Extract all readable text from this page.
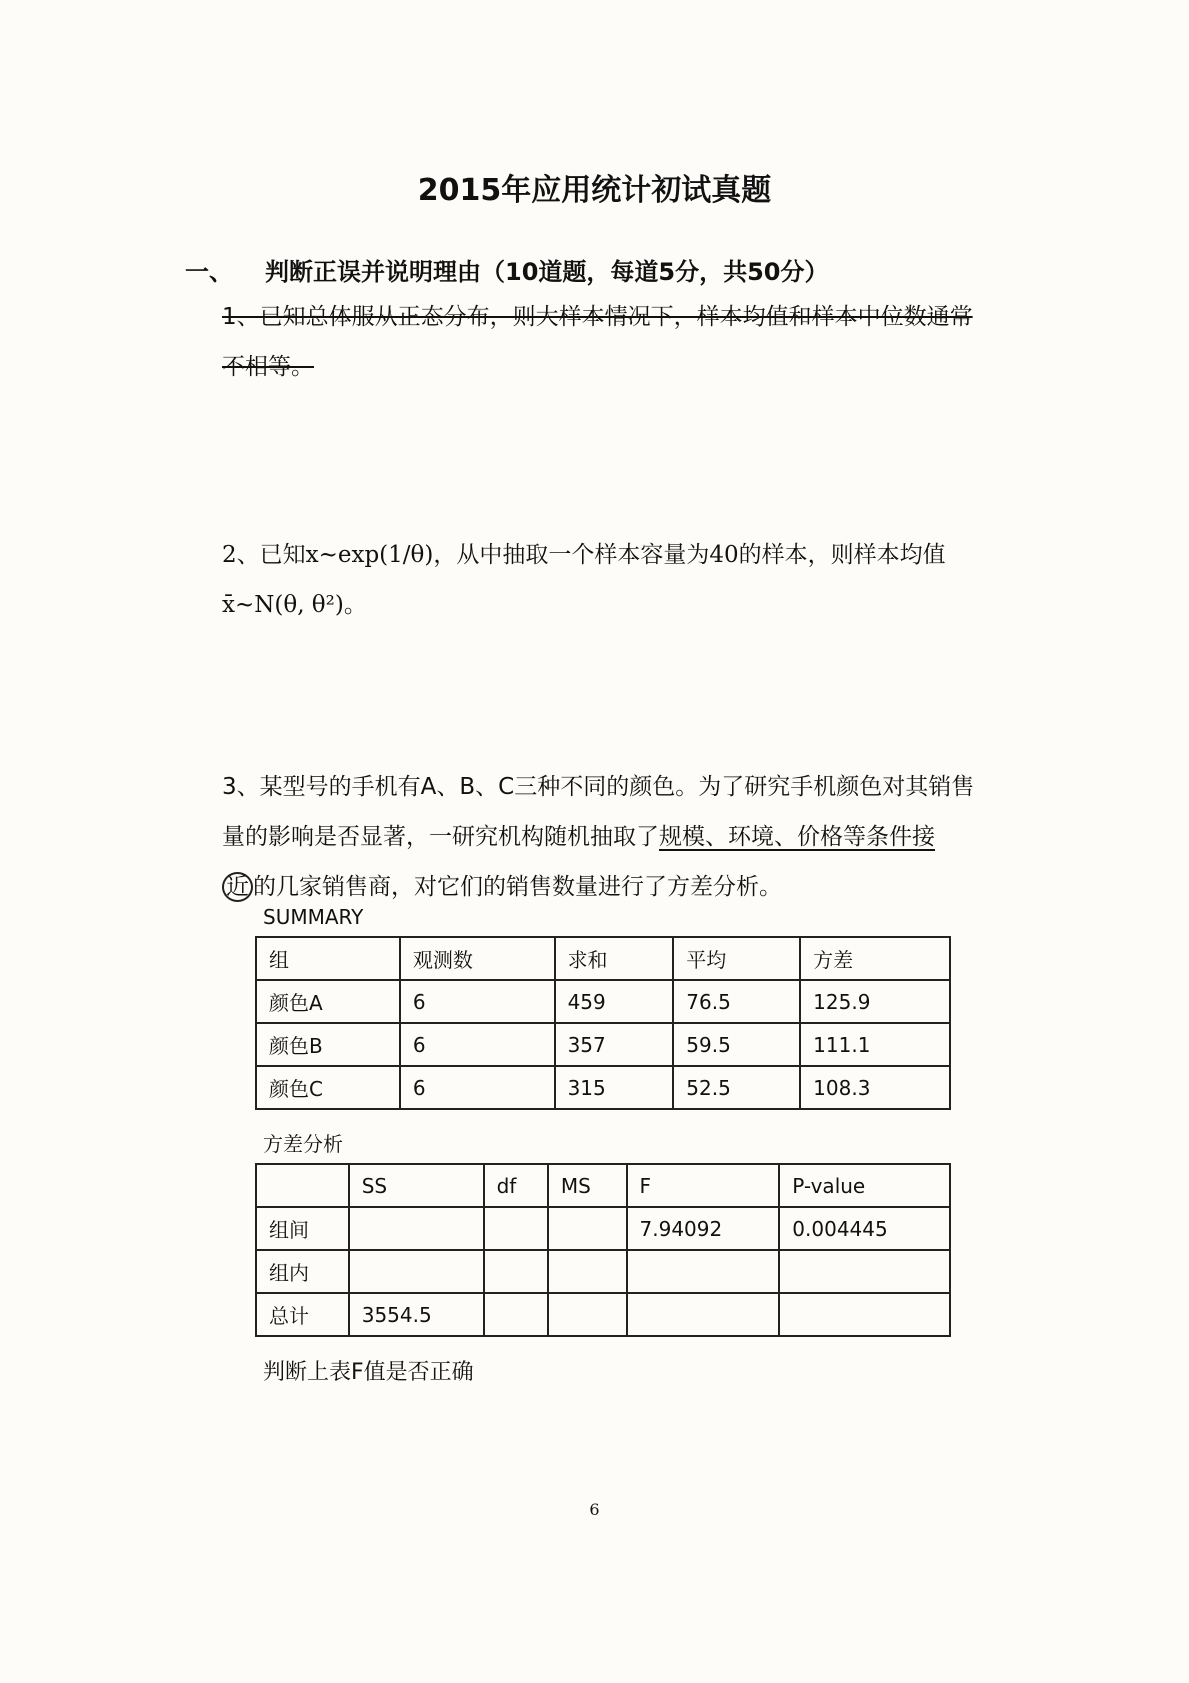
2015年应用统计初试真题
一、	判断正误并说明理由（10道题，每道5分，共50分）
1、已知总体服从正态分布，则大样本情况下，样本均值和样本中位数通常
不相等。
2、已知x~exp(1/θ)，从中抽取一个样本容量为40的样本，则样本均值
x̄~N(θ, θ²)。
3、某型号的手机有A、B、C三种不同的颜色。为了研究手机颜色对其销售
量的影响是否显著，一研究机构随机抽取了规模、环境、价格等条件接
近 的几家销售商，对它们的销售数量进行了方差分析。
SUMMARY
组	观测数	求和	平均	方差
颜色A	6	459	76.5	125.9
颜色B	6	357	59.5	111.1
颜色C	6	315	52.5	108.3
方差分析
	SS	df	MS	F	P-value
组间				7.94092	0.004445
组内					
总计	3554.5				
判断上表F值是否正确
6
